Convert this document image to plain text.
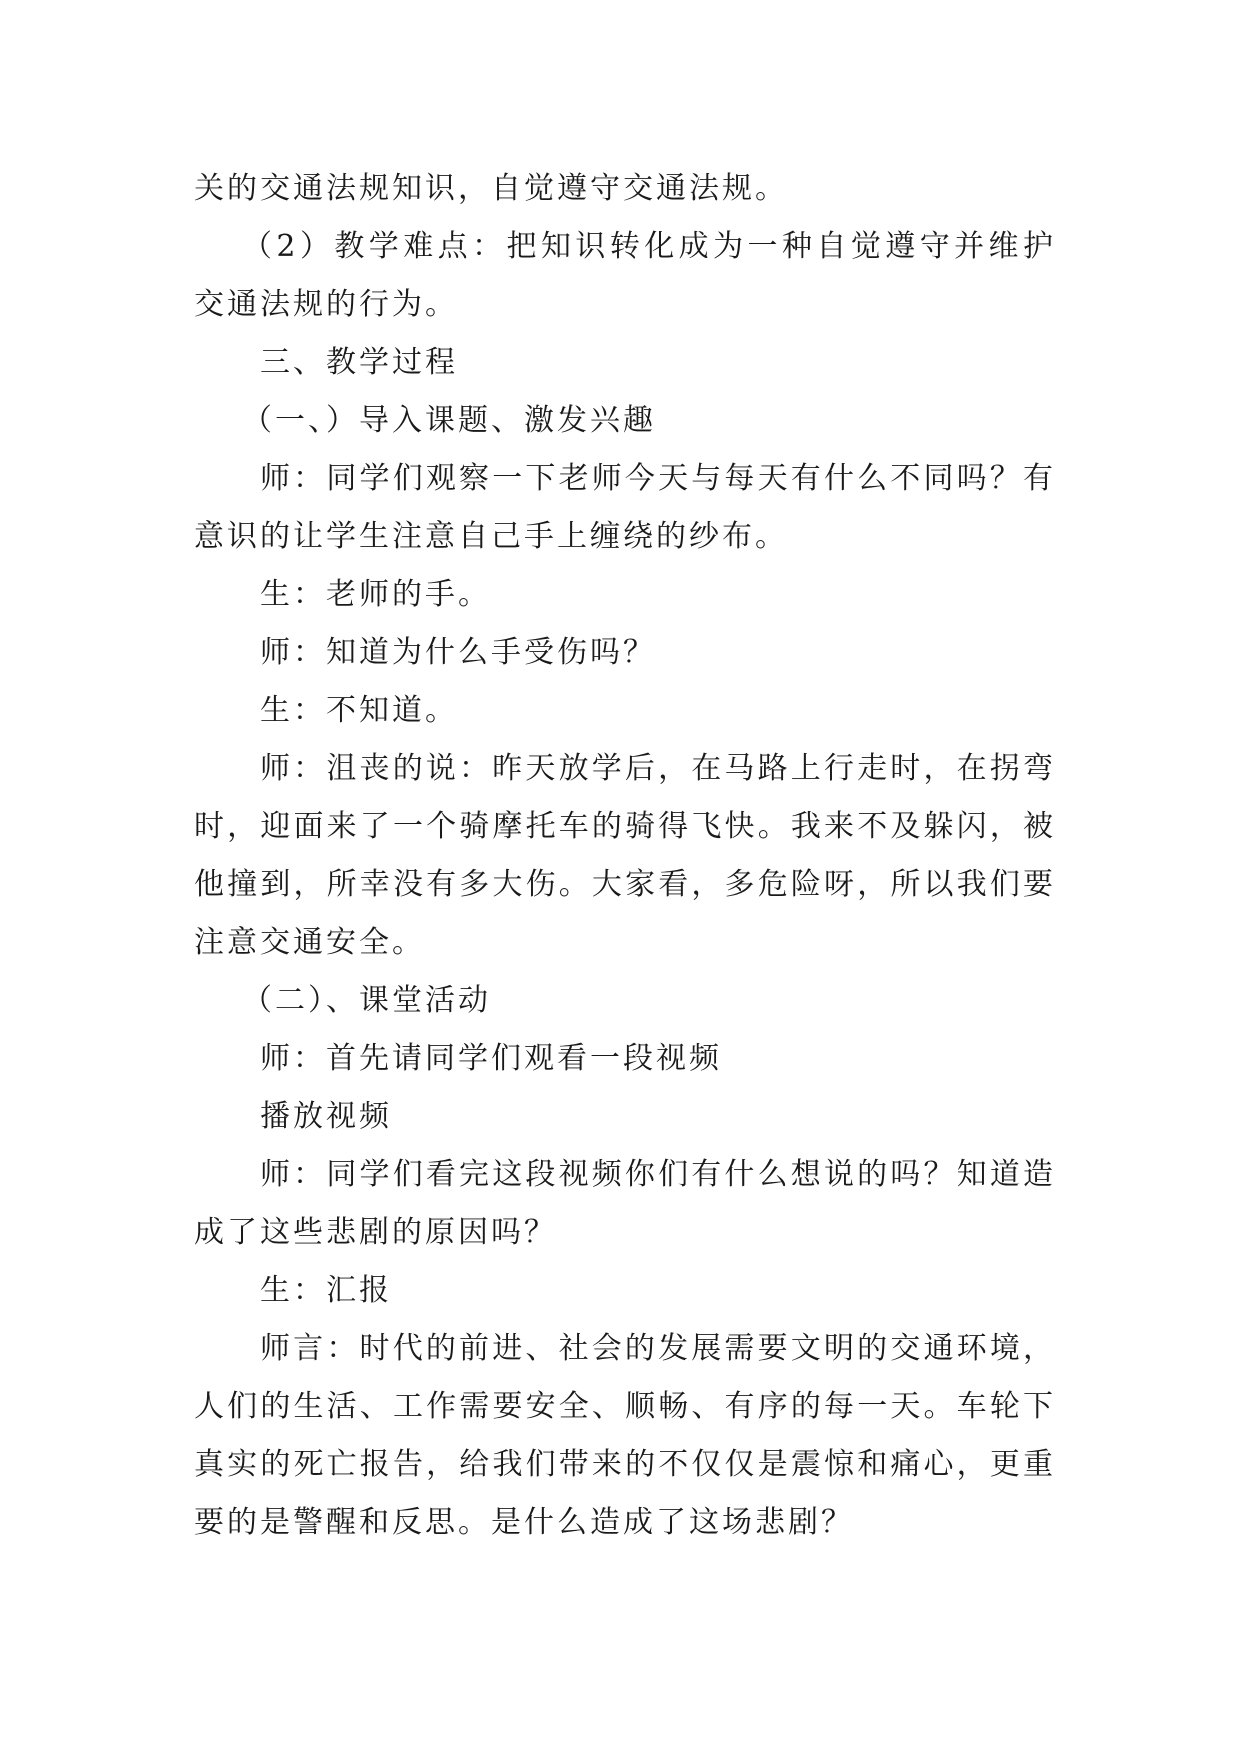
关的交通法规知识，自觉遵守交通法规。

（2）教学难点：把知识转化成为一种自觉遵守并维护交通法规的行为。

三、教学过程

（一、）导入课题、激发兴趣

师：同学们观察一下老师今天与每天有什么不同吗？有意识的让学生注意自己手上缠绕的纱布。

生：老师的手。

师：知道为什么手受伤吗？

生：不知道。

师：沮丧的说：昨天放学后，在马路上行走时，在拐弯时，迎面来了一个骑摩托车的骑得飞快。我来不及躲闪，被他撞到，所幸没有多大伤。大家看，多危险呀，所以我们要注意交通安全。

（二）、课堂活动

师：首先请同学们观看一段视频

播放视频

师：同学们看完这段视频你们有什么想说的吗？知道造成了这些悲剧的原因吗？

生：汇报

师言：时代的前进、社会的发展需要文明的交通环境，人们的生活、工作需要安全、顺畅、有序的每一天。车轮下真实的死亡报告，给我们带来的不仅仅是震惊和痛心，更重要的是警醒和反思。是什么造成了这场悲剧？
